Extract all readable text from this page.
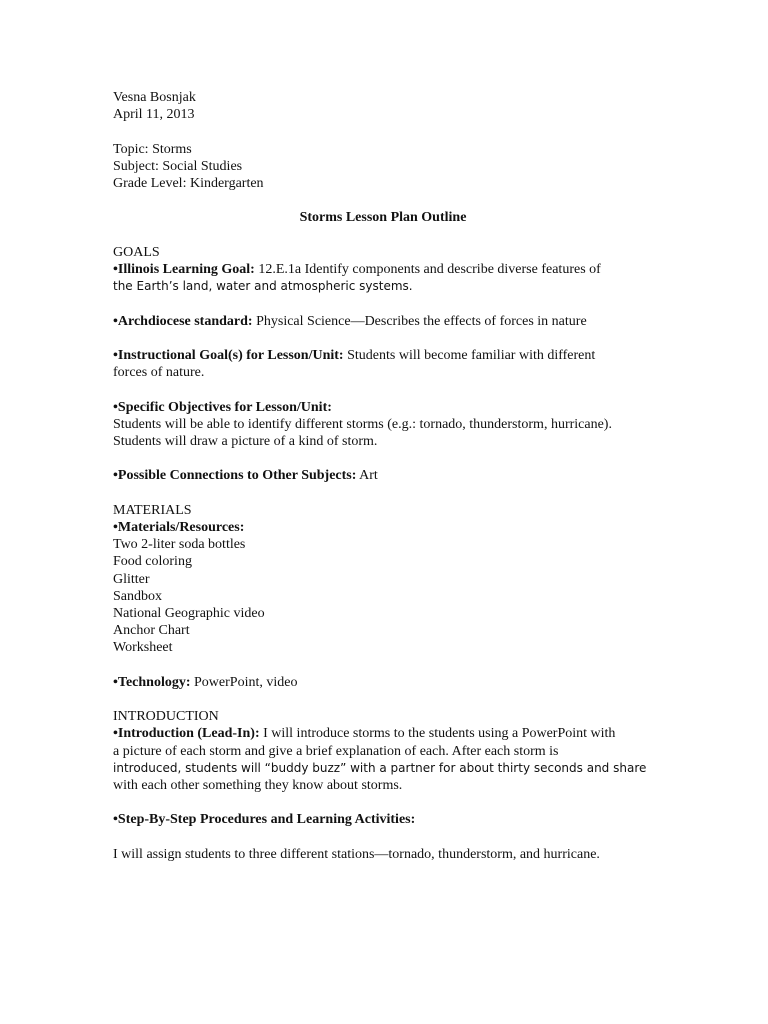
Vesna Bosnjak
April 11, 2013
Topic: Storms
Subject: Social Studies
Grade Level: Kindergarten
Storms Lesson Plan Outline
GOALS
•Illinois Learning Goal: 12.E.1a Identify components and describe diverse features of
the Earth’s land, water and atmospheric systems.
•Archdiocese standard: Physical Science—Describes the effects of forces in nature
•Instructional Goal(s) for Lesson/Unit: Students will become familiar with different
forces of nature.
•Specific Objectives for Lesson/Unit:
Students will be able to identify different storms (e.g.: tornado, thunderstorm, hurricane).
Students will draw a picture of a kind of storm.
•Possible Connections to Other Subjects: Art
MATERIALS
•Materials/Resources:
Two 2-liter soda bottles
Food coloring
Glitter
Sandbox
National Geographic video
Anchor Chart
Worksheet
•Technology: PowerPoint, video
INTRODUCTION
•Introduction (Lead-In): I will introduce storms to the students using a PowerPoint with
a picture of each storm and give a brief explanation of each. After each storm is
introduced, students will “buddy buzz” with a partner for about thirty seconds and share
with each other something they know about storms.
•Step-By-Step Procedures and Learning Activities:
I will assign students to three different stations—tornado, thunderstorm, and hurricane.
